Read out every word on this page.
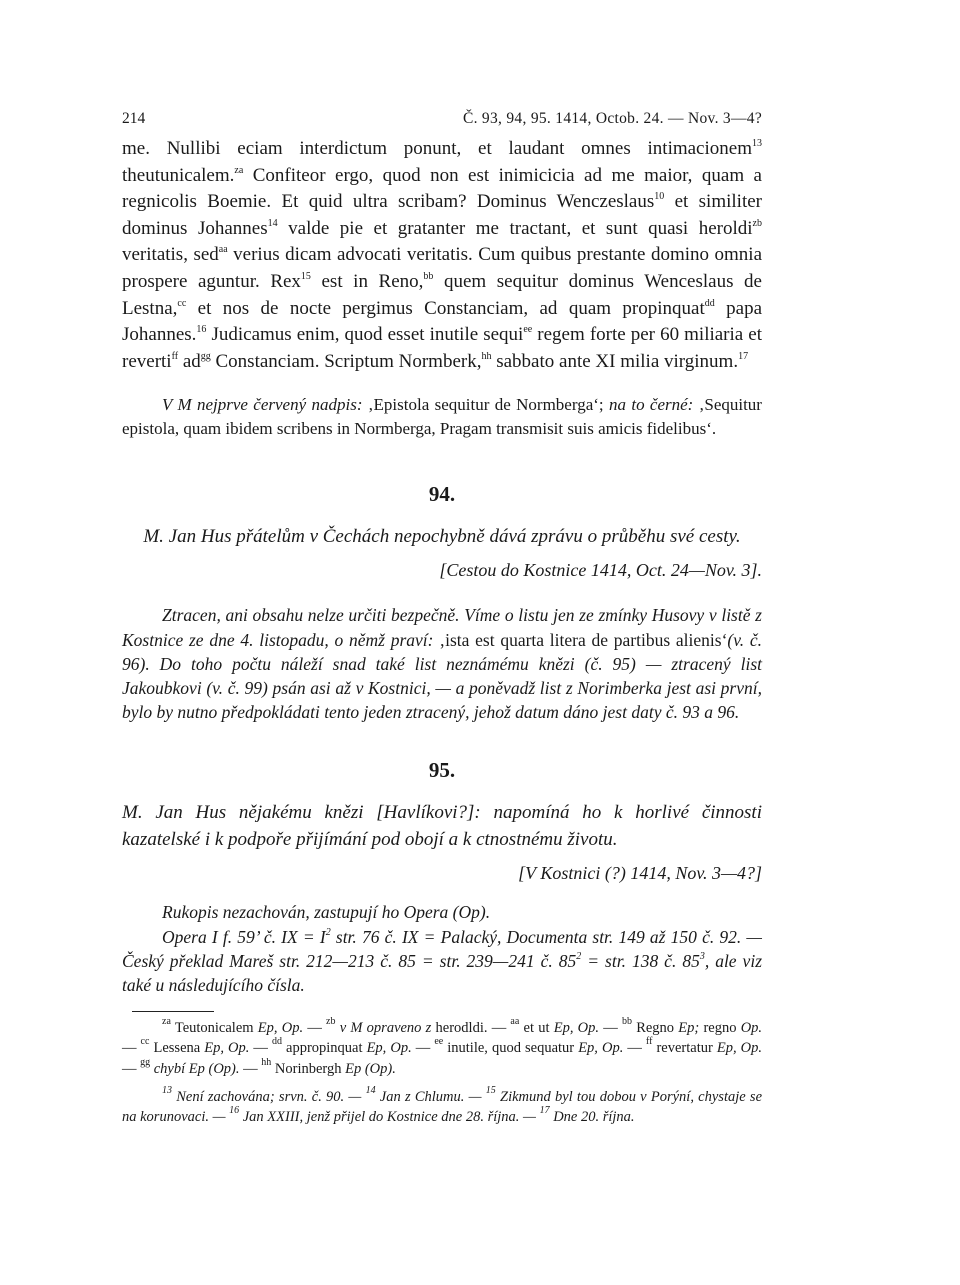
214	Č. 93, 94, 95. 1414, Octob. 24. — Nov. 3—4?
me. Nullibi eciam interdictum ponunt, et laudant omnes intimacionem$^{13}$ theutunicalem.$^{za}$ Confiteor ergo, quod non est inimicicia ad me maior, quam a regnicolis Boemie. Et quid ultra scribam? Dominus Wenczeslaus$^{10}$ et similiter dominus Johannes$^{14}$ valde pie et gratanter me tractant, et sunt quasi heroldi$^{zb}$ veritatis, sed$^{aa}$ verius dicam advocati veritatis. Cum quibus prestante domino omnia prospere aguntur. Rex$^{15}$ est in Reno,$^{bb}$ quem sequitur dominus Wenceslaus de Lestna,$^{cc}$ et nos de nocte pergimus Constanciam, ad quam propinquat$^{dd}$ papa Johannes.$^{16}$ Judicamus enim, quod esset inutile sequi$^{ee}$ regem forte per 60 miliaria et reverti$^{ff}$ $ad^{gg}$ Constanciam. Scriptum Normberk,$^{hh}$ sabbato ante XI milia virginum.$^{17}$
V M nejprve červený nadpis: ‚Epistola sequitur de Normberga‘; na to černé: ‚Sequitur epistola, quam ibidem scribens in Normberga, Pragam transmisit suis amicis fidelibus‘.
94.
M. Jan Hus přátelům v Čechách nepochybně dává zprávu o průběhu své cesty.
[Cestou do Kostnice 1414, Oct. 24—Nov. 3].
Ztracen, ani obsahu nelze určiti bezpečně. Víme o listu jen ze zmínky Husovy v listě z Kostnice ze dne 4. listopadu, o němž praví: ‚ista est quarta litera de partibus alienis‘(v. č. 96). Do toho počtu náleží snad také list neznámému knězi (č. 95) — ztracený list Jakoubkovi (v. č. 99) psán asi až v Kostnici, — a poněvadž list z Norimberka jest asi první, bylo by nutno předpokládati tento jeden ztracený, jehož datum dáno jest daty č. 93 a 96.
95.
M. Jan Hus nějakému knězi [Havlíkovi?]: napomíná ho k horlivé činnosti kazatelské i k podpoře přijímání pod obojí a k ctnostnému životu.
[V Kostnici (?) 1414, Nov. 3—4?]
Rukopis nezachován, zastupují ho Opera (Op).
Opera I f. 59’ č. IX = $I^2$ str. 76 č. IX = Palacký, Documenta str. 149 až 150 č. 92. — Český překlad Mareš str. 212—213 č. 85 = str. 239—241 č. $85^2$ = str. 138 č. $85^3$, ale viz také u následujícího čísla.
$^{za}$ Teutonicalem Ep, Op. — $^{zb}$ v M opraveno z herodldi. — $^{aa}$ et ut Ep, Op. — $^{bb}$ Regno Ep; regno Op. — $^{cc}$ Lessena Ep, Op. — $^{dd}$ appropinquat Ep, Op. — $^{ee}$ inutile, quod sequatur Ep, Op. — $^{ff}$ revertatur Ep, Op. — $^{gg}$ chybí Ep (Op). — $^{hh}$ Norinbergh Ep (Op).
$^{13}$ Není zachována; srvn. č. 90. — $^{14}$ Jan z Chlumu. — $^{15}$ Zikmund byl tou dobou v Porýní, chystaje se na korunovaci. — $^{16}$ Jan XXIII, jenž přijel do Kostnice dne 28. října. — $^{17}$ Dne 20. října.
